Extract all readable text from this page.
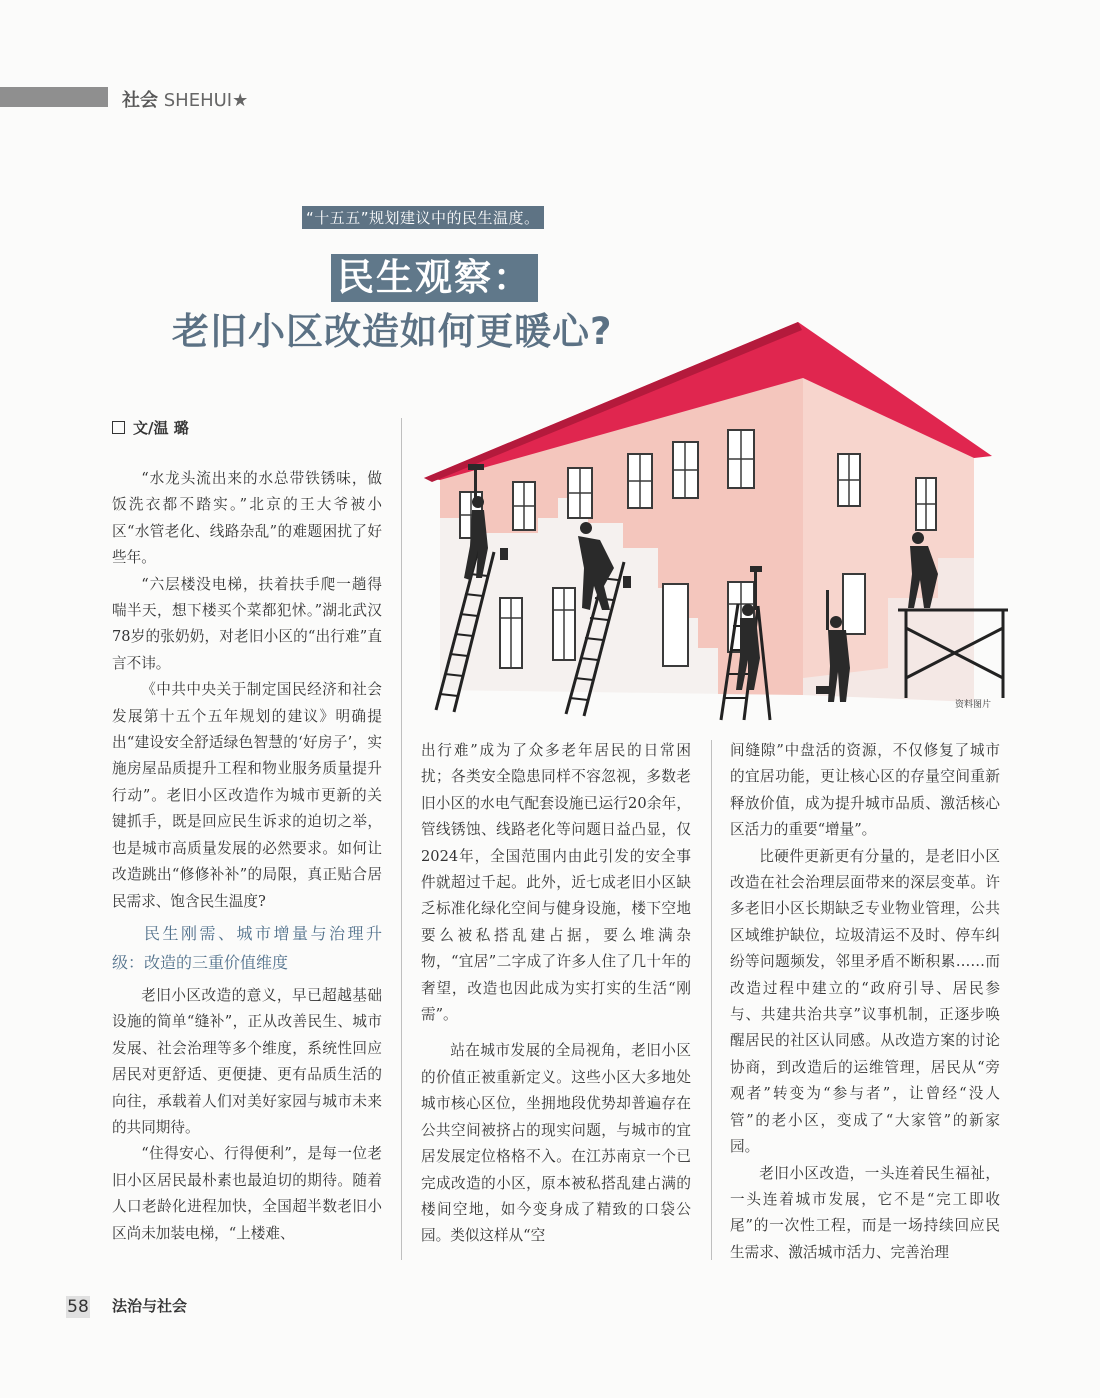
社会 SHEHUI★
“十五五”规划建议中的民生温度。
民生观察：
老旧小区改造如何更暖心?
文/温 璐
资料图片

“水龙头流出来的水总带铁锈味，做饭洗衣都不踏实。”北京的王大爷被小区“水管老化、线路杂乱”的难题困扰了好些年。

“六层楼没电梯，扶着扶手爬一趟得喘半天，想下楼买个菜都犯怵。”湖北武汉78岁的张奶奶，对老旧小区的“出行难”直言不讳。

《中共中央关于制定国民经济和社会发展第十五个五年规划的建议》明确提出“建设安全舒适绿色智慧的‘好房子’，实施房屋品质提升工程和物业服务质量提升行动”。老旧小区改造作为城市更新的关键抓手，既是回应民生诉求的迫切之举，也是城市高质量发展的必然要求。如何让改造跳出“修修补补”的局限，真正贴合居民需求、饱含民生温度?

民生刚需、城市增量与治理升级：改造的三重价值维度

老旧小区改造的意义，早已超越基础设施的简单“缝补”，正从改善民生、城市发展、社会治理等多个维度，系统性回应居民对更舒适、更便捷、更有品质生活的向往，承载着人们对美好家园与城市未来的共同期待。

“住得安心、行得便利”，是每一位老旧小区居民最朴素也最迫切的期待。随着人口老龄化进程加快，全国超半数老旧小区尚未加装电梯，“上楼难、

出行难”成为了众多老年居民的日常困扰；各类安全隐患同样不容忽视，多数老旧小区的水电气配套设施已运行20余年，管线锈蚀、线路老化等问题日益凸显，仅2024年，全国范围内由此引发的安全事件就超过千起。此外，近七成老旧小区缺乏标准化绿化空间与健身设施，楼下空地要么被私搭乱建占据，要么堆满杂物，“宜居”二字成了许多人住了几十年的奢望，改造也因此成为实打实的生活“刚需”。

站在城市发展的全局视角，老旧小区的价值正被重新定义。这些小区大多地处城市核心区位，坐拥地段优势却普遍存在公共空间被挤占的现实问题，与城市的宜居发展定位格格不入。在江苏南京一个已完成改造的小区，原本被私搭乱建占满的楼间空地，如今变身成了精致的口袋公园。类似这样从“空

间缝隙”中盘活的资源，不仅修复了城市的宜居功能，更让核心区的存量空间重新释放价值，成为提升城市品质、激活核心区活力的重要“增量”。

比硬件更新更有分量的，是老旧小区改造在社会治理层面带来的深层变革。许多老旧小区长期缺乏专业物业管理，公共区域维护缺位，垃圾清运不及时、停车纠纷等问题频发，邻里矛盾不断积累……而改造过程中建立的“政府引导、居民参与、共建共治共享”议事机制，正逐步唤醒居民的社区认同感。从改造方案的讨论协商，到改造后的运维管理，居民从“旁观者”转变为“参与者”，让曾经“没人管”的老小区，变成了“大家管”的新家园。

老旧小区改造，一头连着民生福祉，一头连着城市发展，它不是“完工即收尾”的一次性工程，而是一场持续回应民生需求、激活城市活力、完善治理

58 法治与社会
